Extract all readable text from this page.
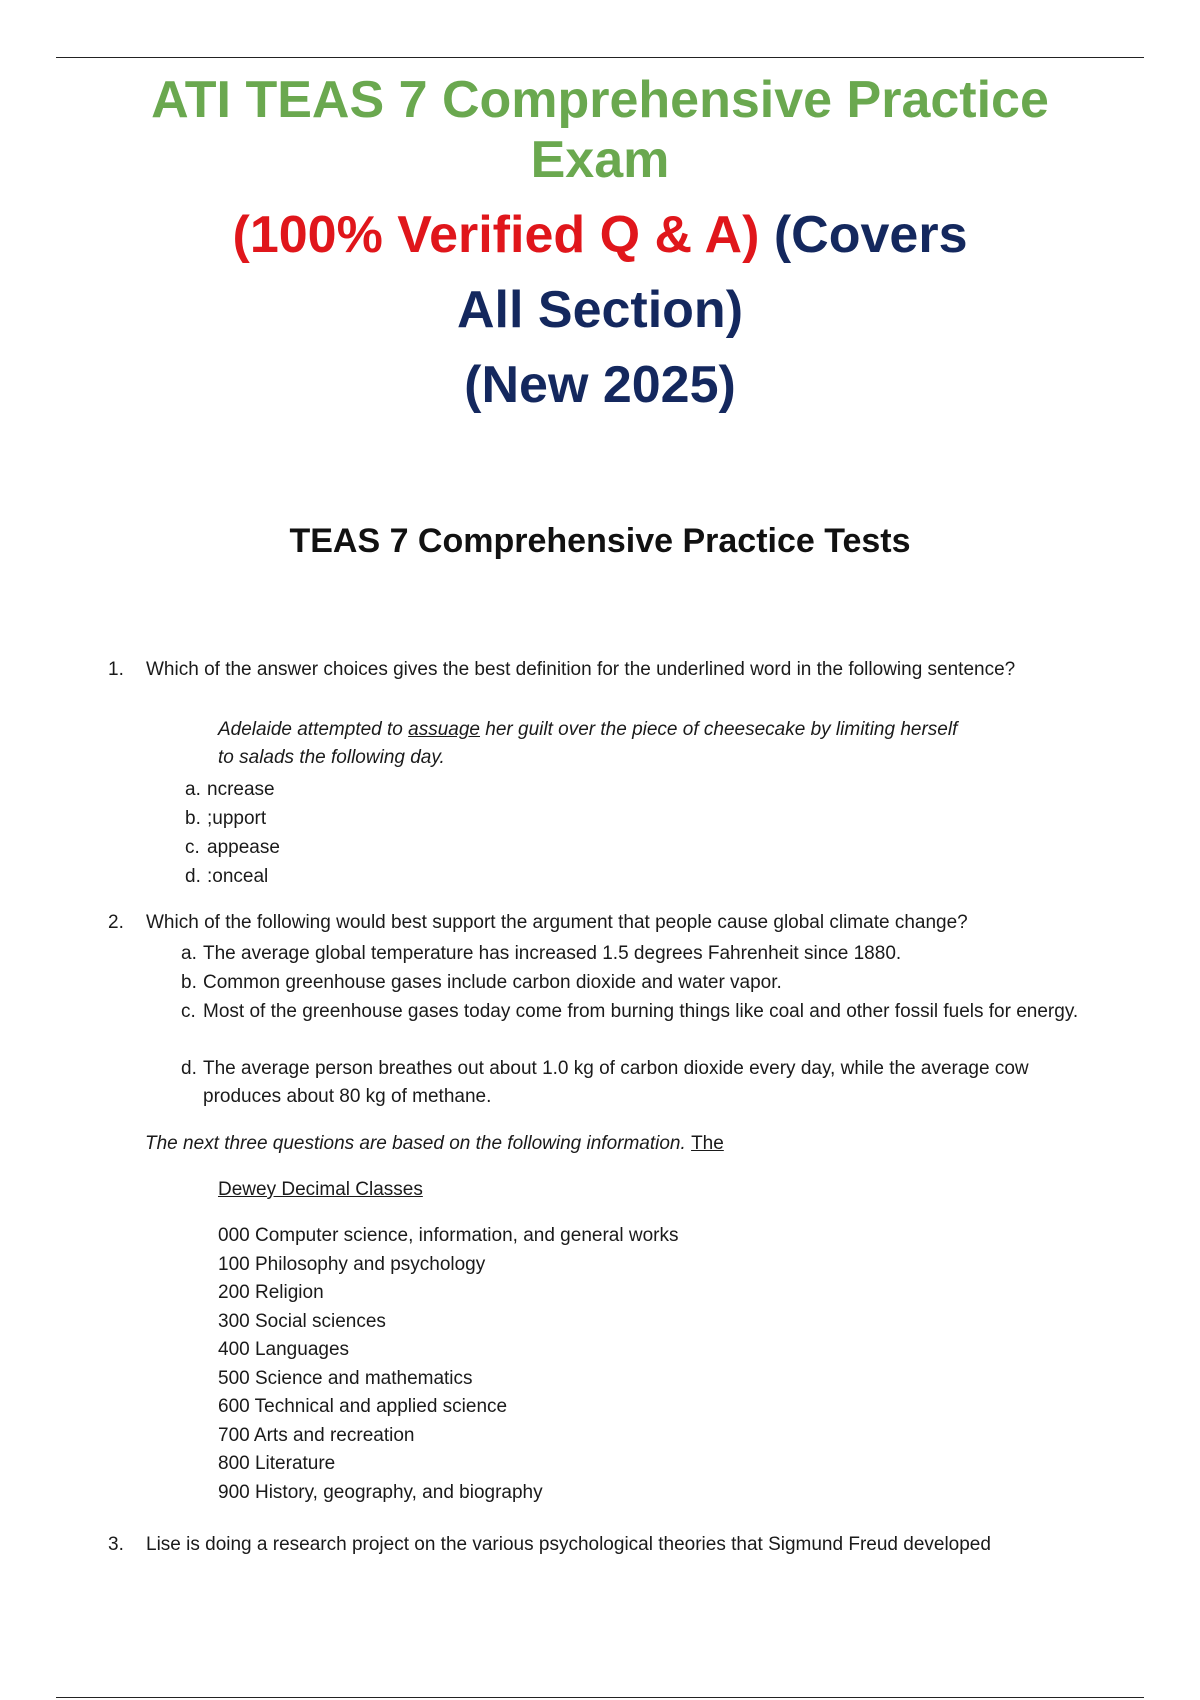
ATI TEAS 7 Comprehensive Practice
Exam
(100% Verified Q & A) (Covers
All Section)
(New 2025)
TEAS 7 Comprehensive Practice Tests
1. Which of the answer choices gives the best definition for the underlined word in the following sentence?
Adelaide attempted to assuage her guilt over the piece of cheesecake by limiting herself to salads the following day.
a. ncrease
b. ;upport
c. appease
d. :onceal
2. Which of the following would best support the argument that people cause global climate change?
a. The average global temperature has increased 1.5 degrees Fahrenheit since 1880.
b. Common greenhouse gases include carbon dioxide and water vapor.
c. Most of the greenhouse gases today come from burning things like coal and other fossil fuels for energy.
d. The average person breathes out about 1.0 kg of carbon dioxide every day, while the average cow produces about 80 kg of methane.
The next three questions are based on the following information. The
Dewey Decimal Classes
000 Computer science, information, and general works
100 Philosophy and psychology
200 Religion
300 Social sciences
400 Languages
500 Science and mathematics
600 Technical and applied science
700 Arts and recreation
800 Literature
900 History, geography, and biography
3. Lise is doing a research project on the various psychological theories that Sigmund Freud developed
